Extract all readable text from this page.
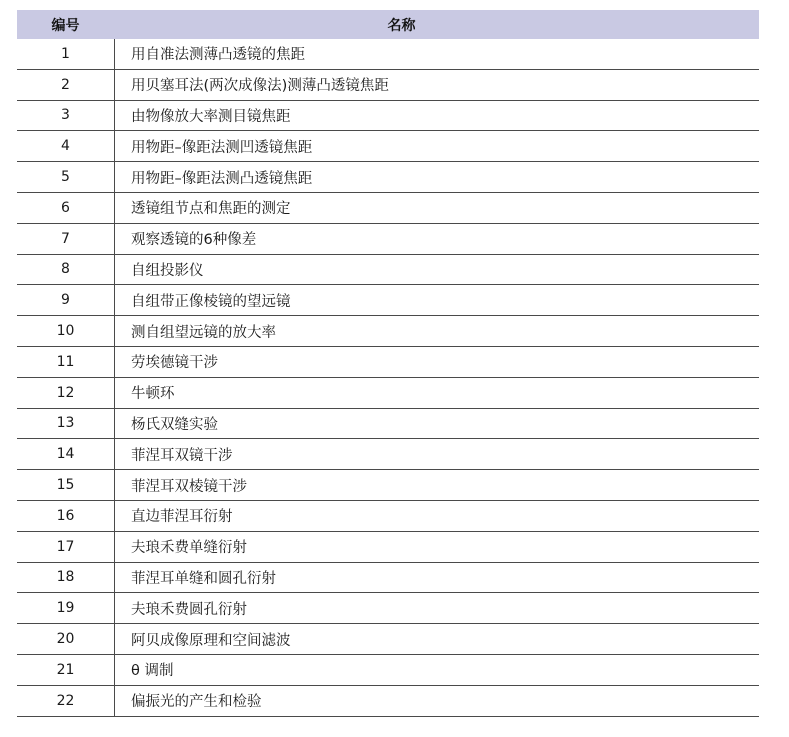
编号	名称
1	用自准法测薄凸透镜的焦距
2	用贝塞耳法(两次成像法)测薄凸透镜焦距
3	由物像放大率测目镜焦距
4	用物距–像距法测凹透镜焦距
5	用物距–像距法测凸透镜焦距
6	透镜组节点和焦距的测定
7	观察透镜的6种像差
8	自组投影仪
9	自组带正像棱镜的望远镜
10	测自组望远镜的放大率
11	劳埃德镜干涉
12	牛顿环
13	杨氏双缝实验
14	菲涅耳双镜干涉
15	菲涅耳双棱镜干涉
16	直边菲涅耳衍射
17	夫琅禾费单缝衍射
18	菲涅耳单缝和圆孔衍射
19	夫琅禾费圆孔衍射
20	阿贝成像原理和空间滤波
21	θ 调制
22	偏振光的产生和检验
